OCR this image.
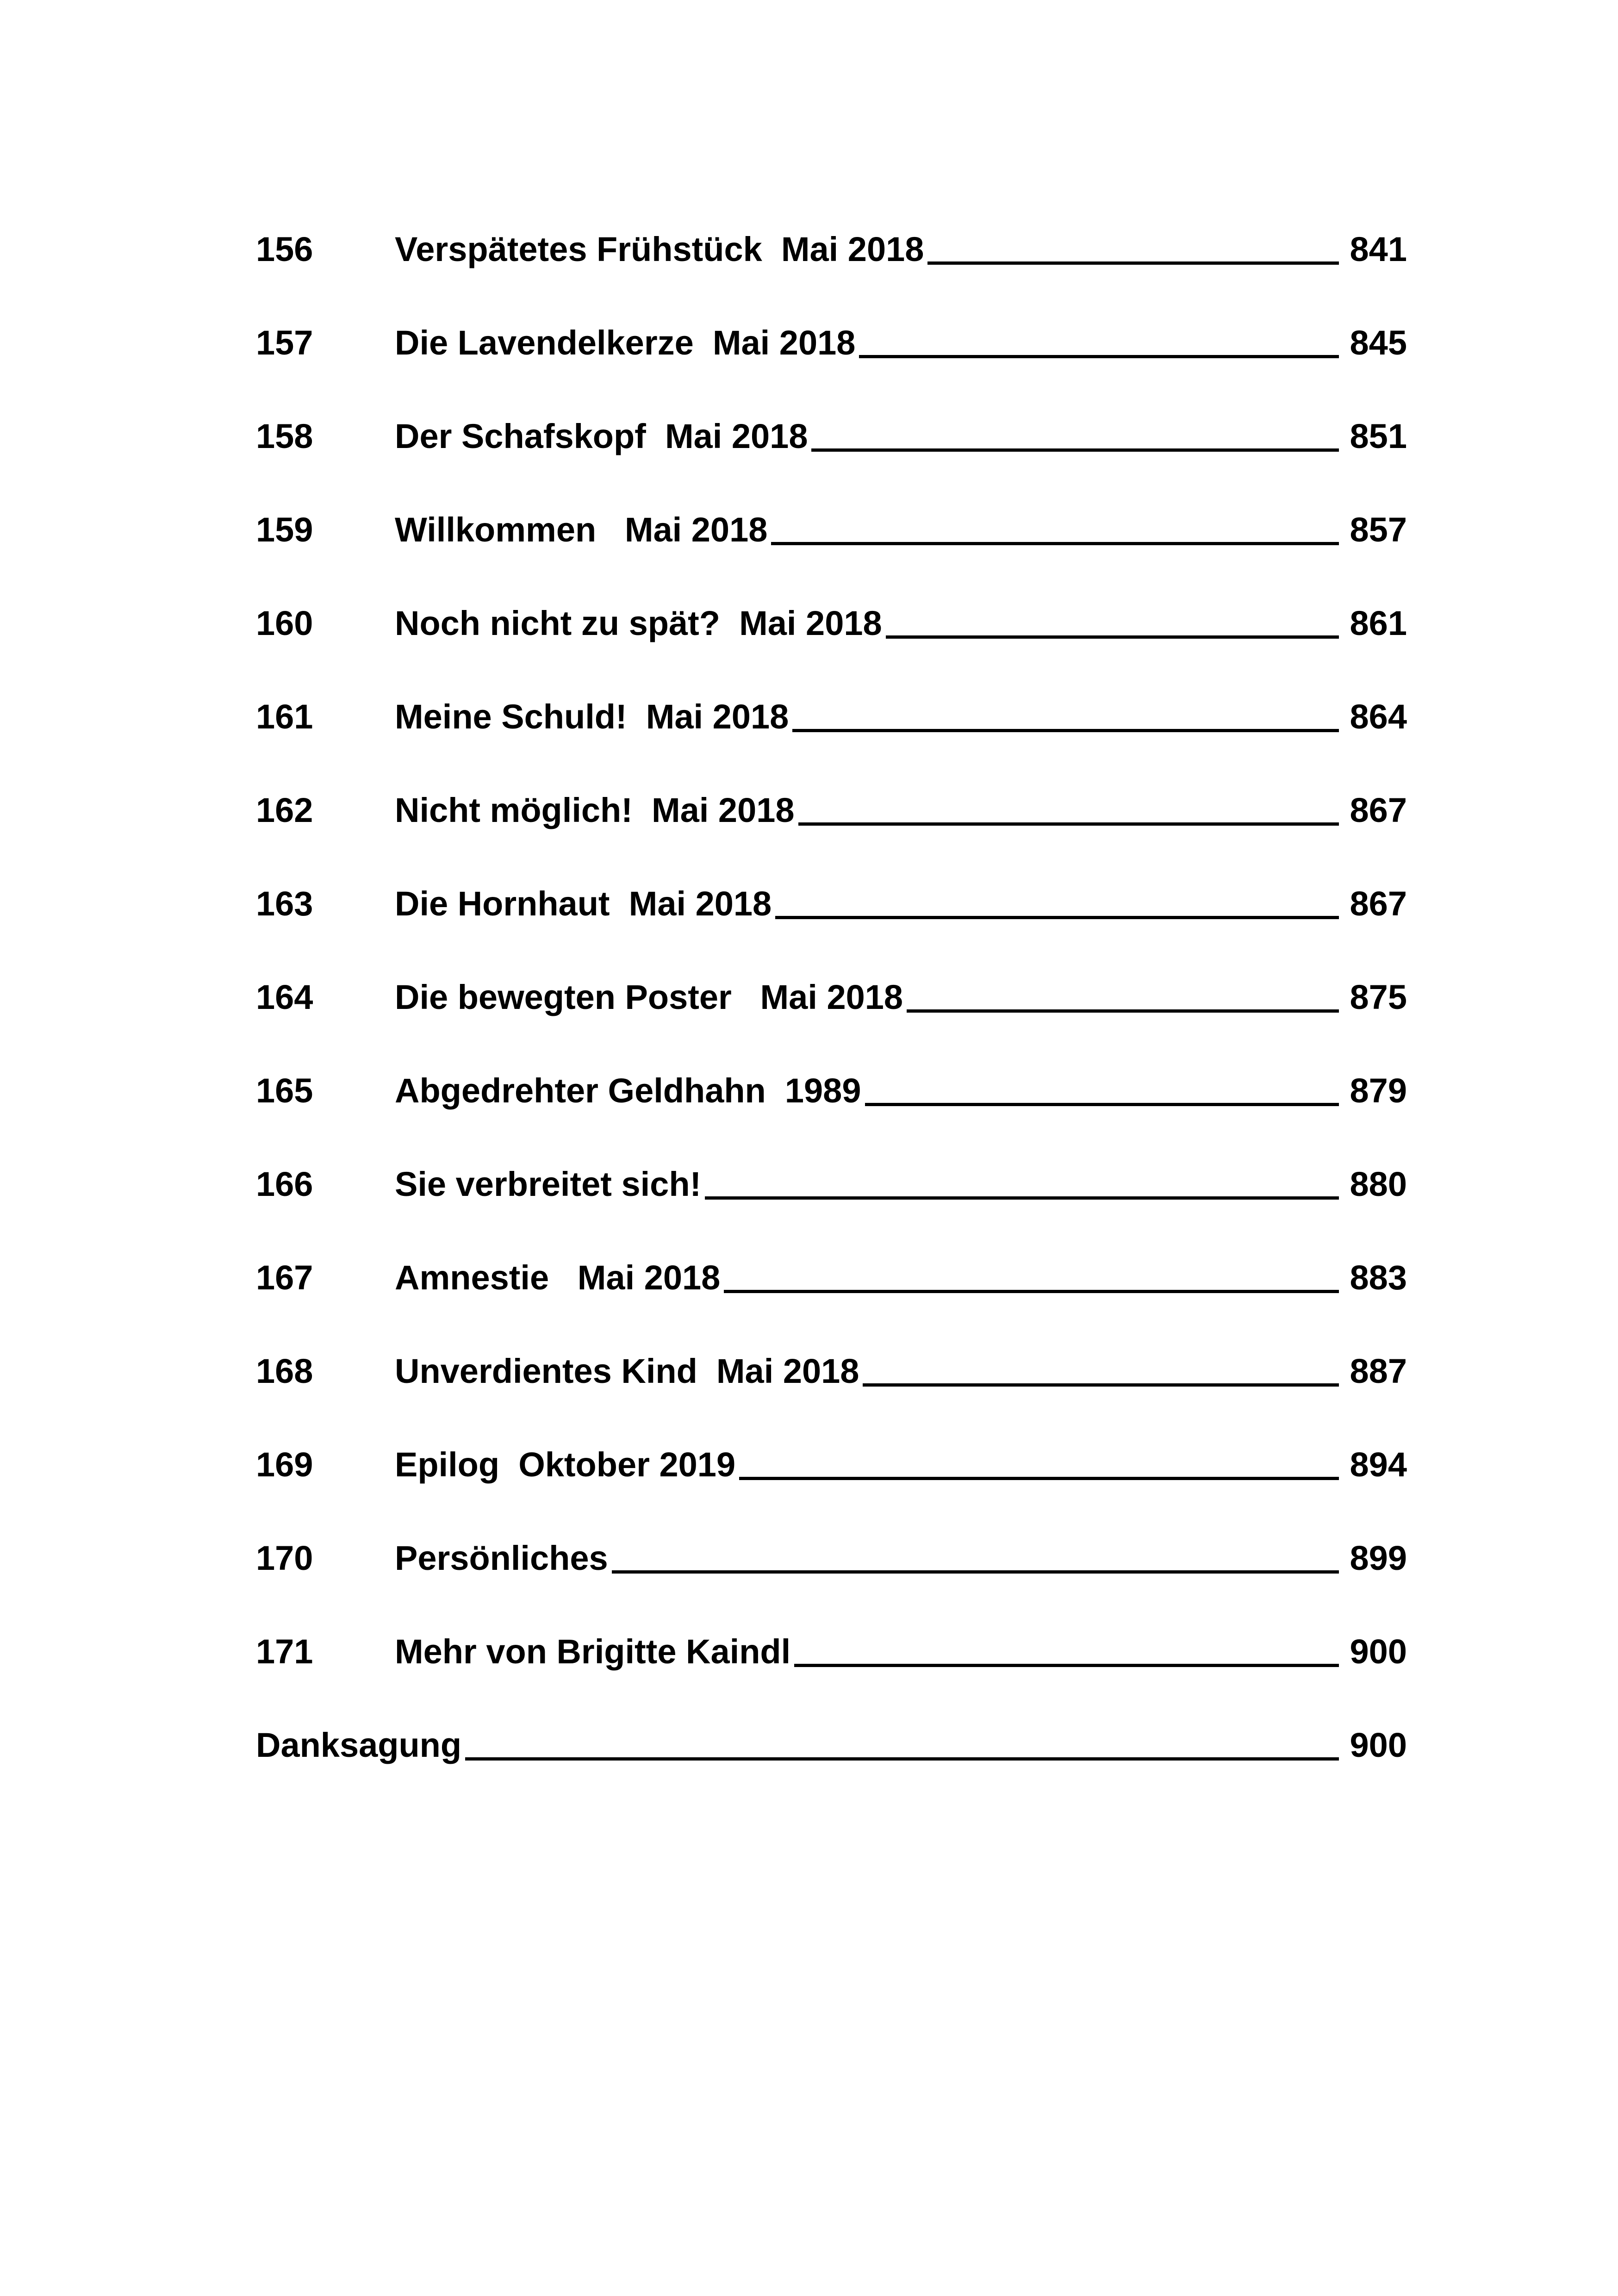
156	Verspätetes Frühstück  Mai 2018	841
157	Die Lavendelkerze  Mai 2018	845
158	Der Schafskopf  Mai 2018	851
159	Willkommen   Mai 2018	857
160	Noch nicht zu spät?  Mai 2018	861
161	Meine Schuld!  Mai 2018	864
162	Nicht möglich!  Mai 2018	867
163	Die Hornhaut  Mai 2018	867
164	Die bewegten Poster   Mai 2018	875
165	Abgedrehter Geldhahn  1989	879
166	Sie verbreitet sich!	880
167	Amnestie   Mai 2018	883
168	Unverdientes Kind  Mai 2018	887
169	Epilog  Oktober 2019	894
170	Persönliches	899
171	Mehr von Brigitte Kaindl	900
Danksagung	900
